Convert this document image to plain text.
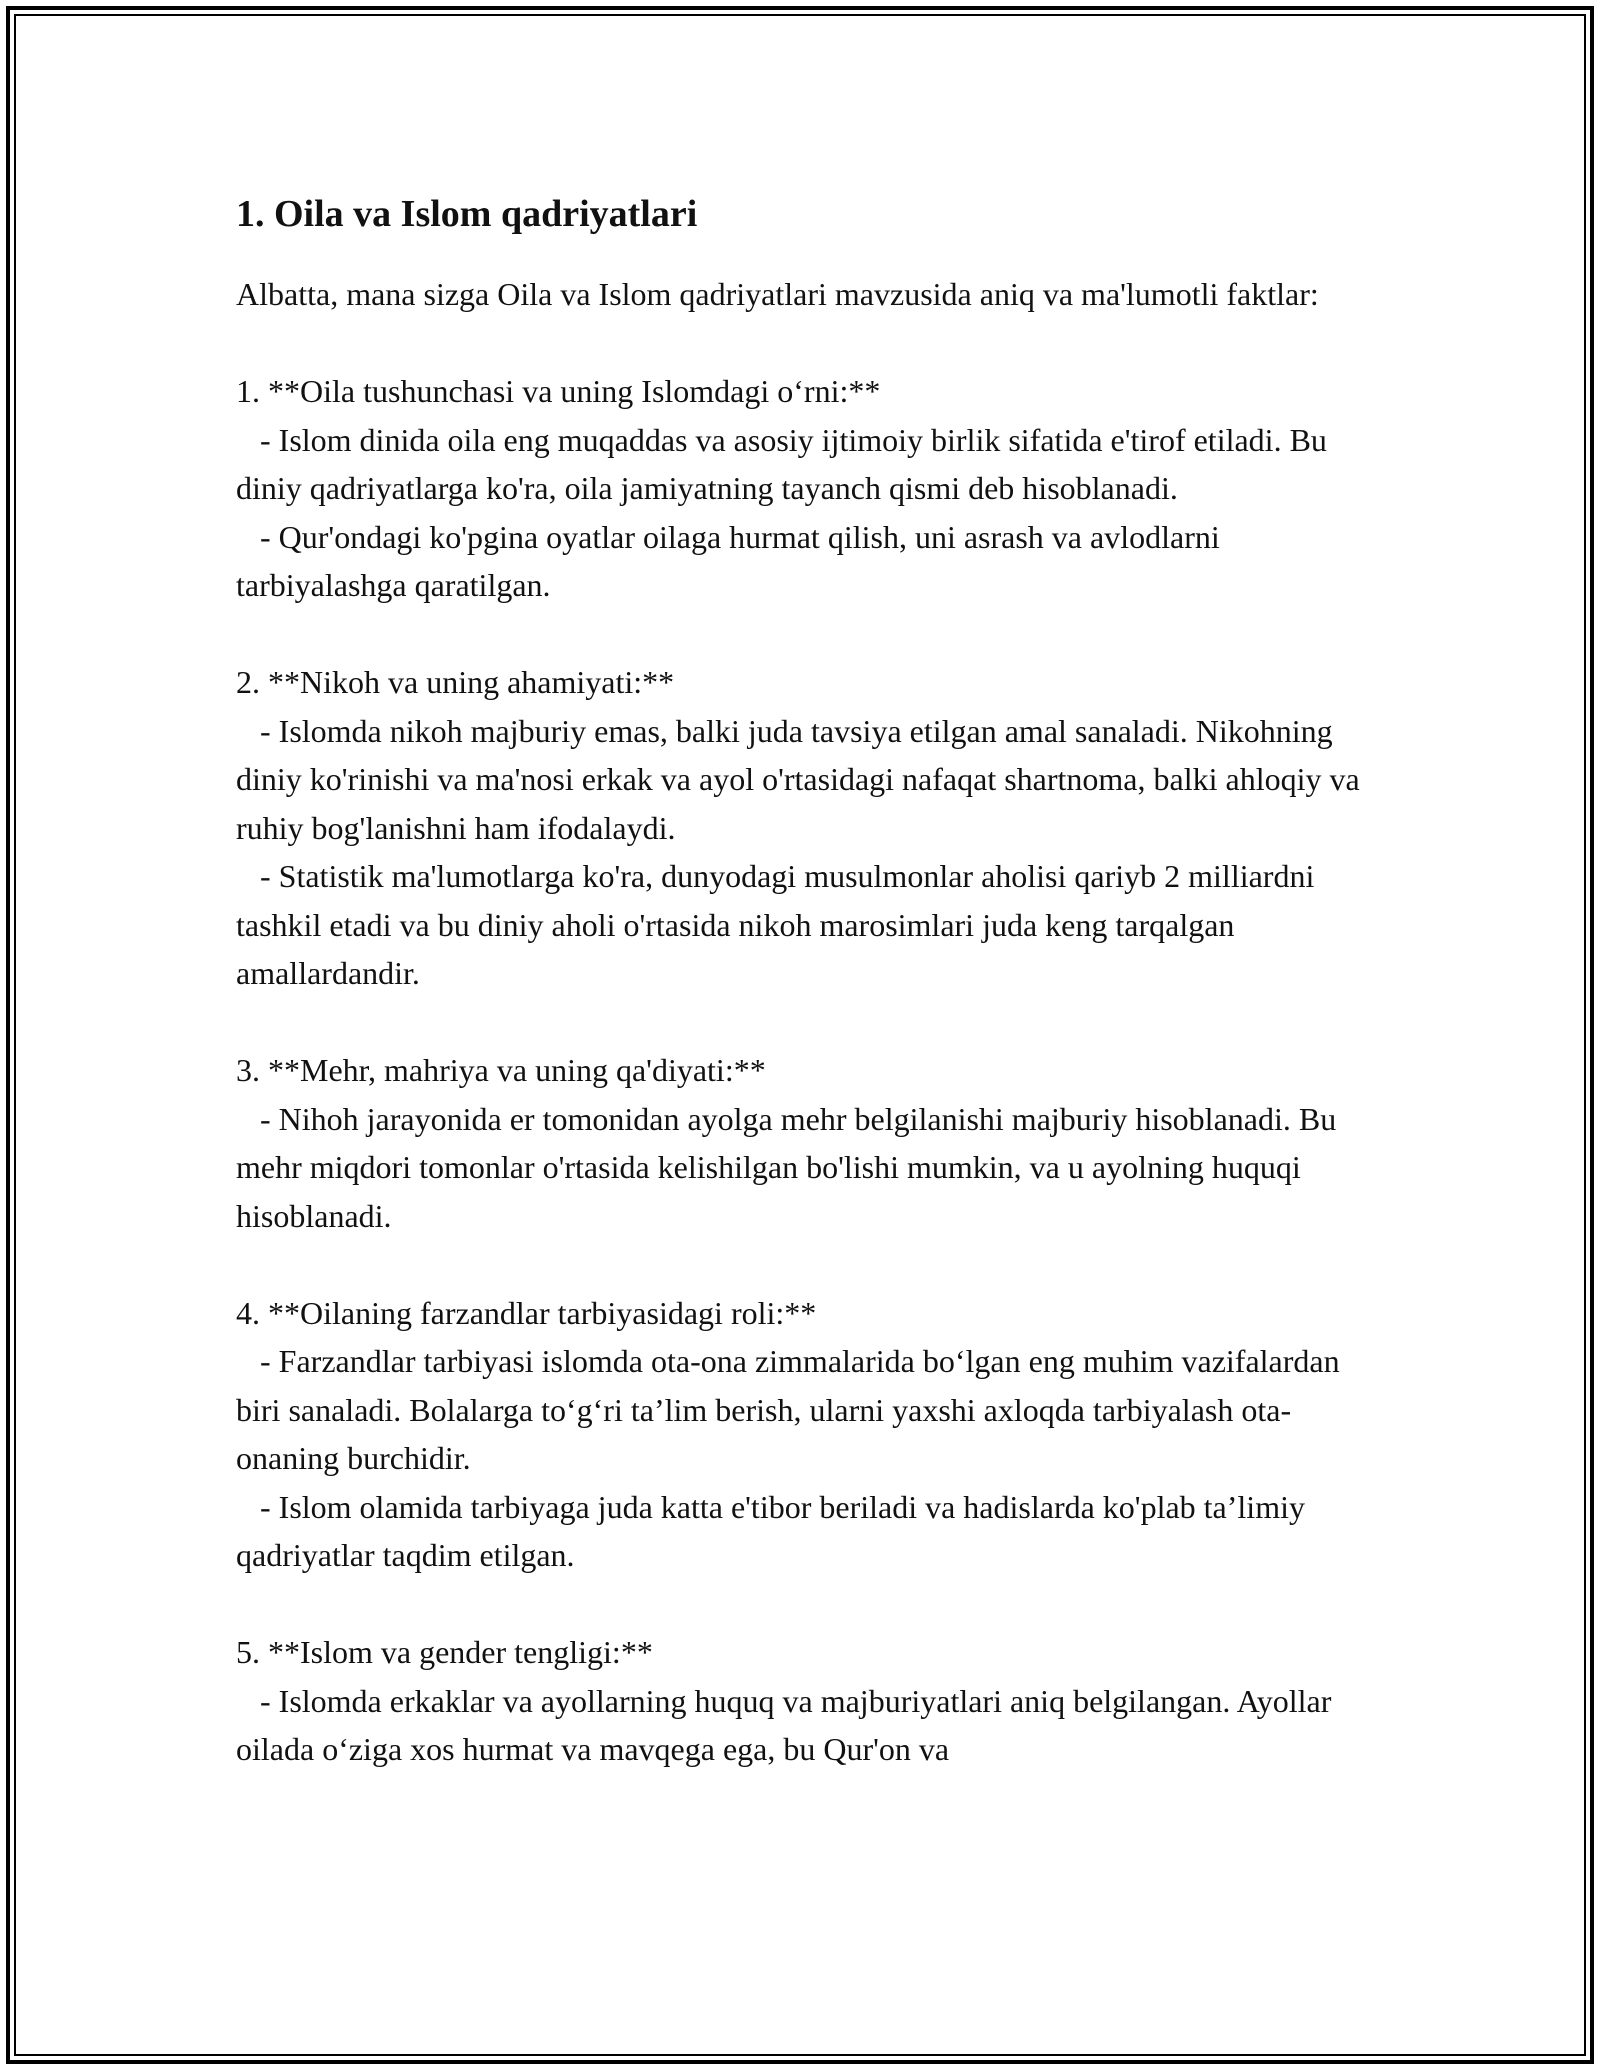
1. Oila va Islom qadriyatlari

Albatta, mana sizga Oila va Islom qadriyatlari mavzusida aniq va ma'lumotli faktlar:

1. **Oila tushunchasi va uning Islomdagi o‘rni:**

- Islom dinida oila eng muqaddas va asosiy ijtimoiy birlik sifatida e'tirof etiladi. Bu diniy qadriyatlarga ko'ra, oila jamiyatning tayanch qismi deb hisoblanadi.

- Qur'ondagi ko'pgina oyatlar oilaga hurmat qilish, uni asrash va avlodlarni tarbiyalashga qaratilgan.

2. **Nikoh va uning ahamiyati:**

- Islomda nikoh majburiy emas, balki juda tavsiya etilgan amal sanaladi. Nikohning diniy ko'rinishi va ma'nosi erkak va ayol o'rtasidagi nafaqat shartnoma, balki ahloqiy va ruhiy bog'lanishni ham ifodalaydi.

- Statistik ma'lumotlarga ko'ra, dunyodagi musulmonlar aholisi qariyb 2 milliardni tashkil etadi va bu diniy aholi o'rtasida nikoh marosimlari juda keng tarqalgan amallardandir.

3. **Mehr, mahriya va uning qa'diyati:**

- Nihoh jarayonida er tomonidan ayolga mehr belgilanishi majburiy hisoblanadi. Bu mehr miqdori tomonlar o'rtasida kelishilgan bo'lishi mumkin, va u ayolning huquqi hisoblanadi.

4. **Oilaning farzandlar tarbiyasidagi roli:**

- Farzandlar tarbiyasi islomda ota-ona zimmalarida bo‘lgan eng muhim vazifalardan biri sanaladi. Bolalarga to‘g‘ri ta’lim berish, ularni yaxshi axloqda tarbiyalash ota-onaning burchidir.

- Islom olamida tarbiyaga juda katta e'tibor beriladi va hadislarda ko'plab ta’limiy qadriyatlar taqdim etilgan.

5. **Islom va gender tengligi:**

- Islomda erkaklar va ayollarning huquq va majburiyatlari aniq belgilangan. Ayollar oilada o‘ziga xos hurmat va mavqega ega, bu Qur'on va
